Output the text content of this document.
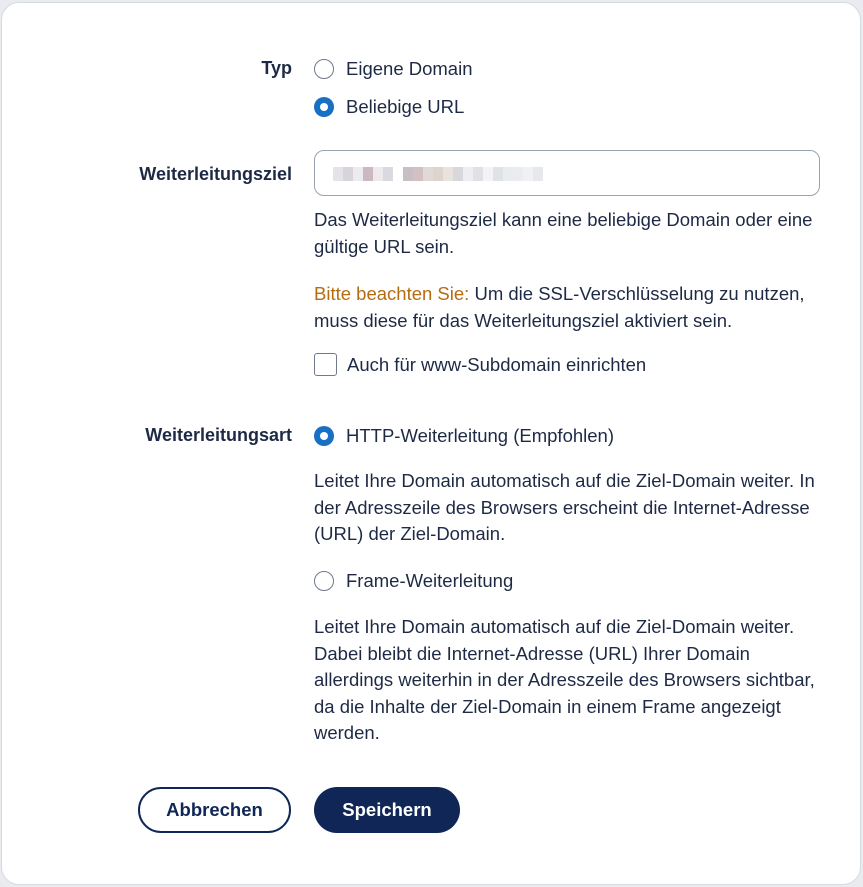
Typ	Eigene Domain
Beliebige URL
Weiterleitungsziel
Das Weiterleitungsziel kann eine beliebige Domain oder eine gültige URL sein.
Bitte beachten Sie: Um die SSL-Verschlüsselung zu nutzen, muss diese für das Weiterleitungsziel aktiviert sein.
Auch für www-Subdomain einrichten
Weiterleitungsart	HTTP-Weiterleitung (Empfohlen)
Leitet Ihre Domain automatisch auf die Ziel-Domain weiter. In der Adresszeile des Browsers erscheint die Internet-Adresse (URL) der Ziel-Domain.
Frame-Weiterleitung
Leitet Ihre Domain automatisch auf die Ziel-Domain weiter. Dabei bleibt die Internet-Adresse (URL) Ihrer Domain allerdings weiterhin in der Adresszeile des Browsers sichtbar, da die Inhalte der Ziel-Domain in einem Frame angezeigt werden.
Abbrechen	Speichern
